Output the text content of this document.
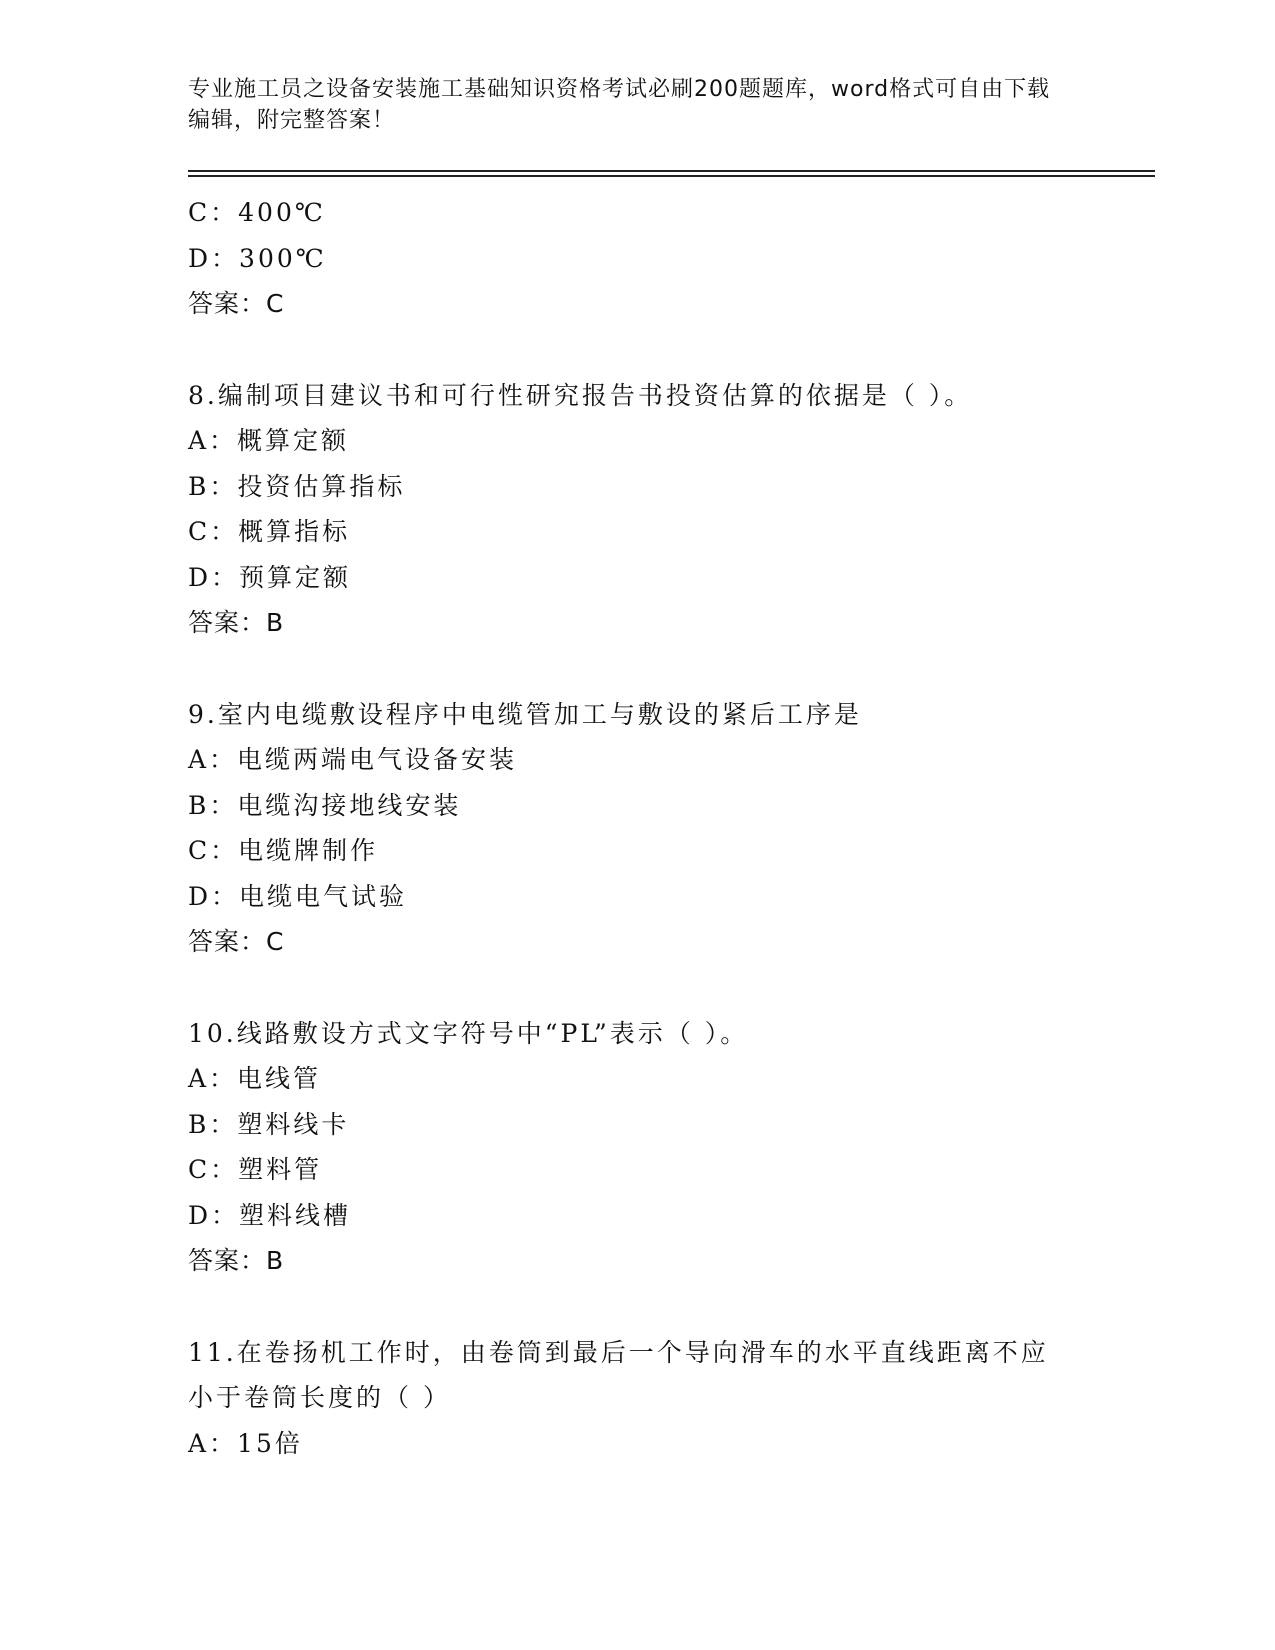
专业施工员之设备安装施工基础知识资格考试必刷200题题库，word格式可自由下载编辑，附完整答案！
C：400℃
D：300℃
答案：C
8.编制项目建议书和可行性研究报告书投资估算的依据是（ ）。
A：概算定额
B：投资估算指标
C：概算指标
D：预算定额
答案：B
9.室内电缆敷设程序中电缆管加工与敷设的紧后工序是
A：电缆两端电气设备安装
B：电缆沟接地线安装
C：电缆牌制作
D：电缆电气试验
答案：C
10.线路敷设方式文字符号中“PL”表示（ ）。
A：电线管
B：塑料线卡
C：塑料管
D：塑料线槽
答案：B
11.在卷扬机工作时，由卷筒到最后一个导向滑车的水平直线距离不应小于卷筒长度的（ ）
A：15倍
